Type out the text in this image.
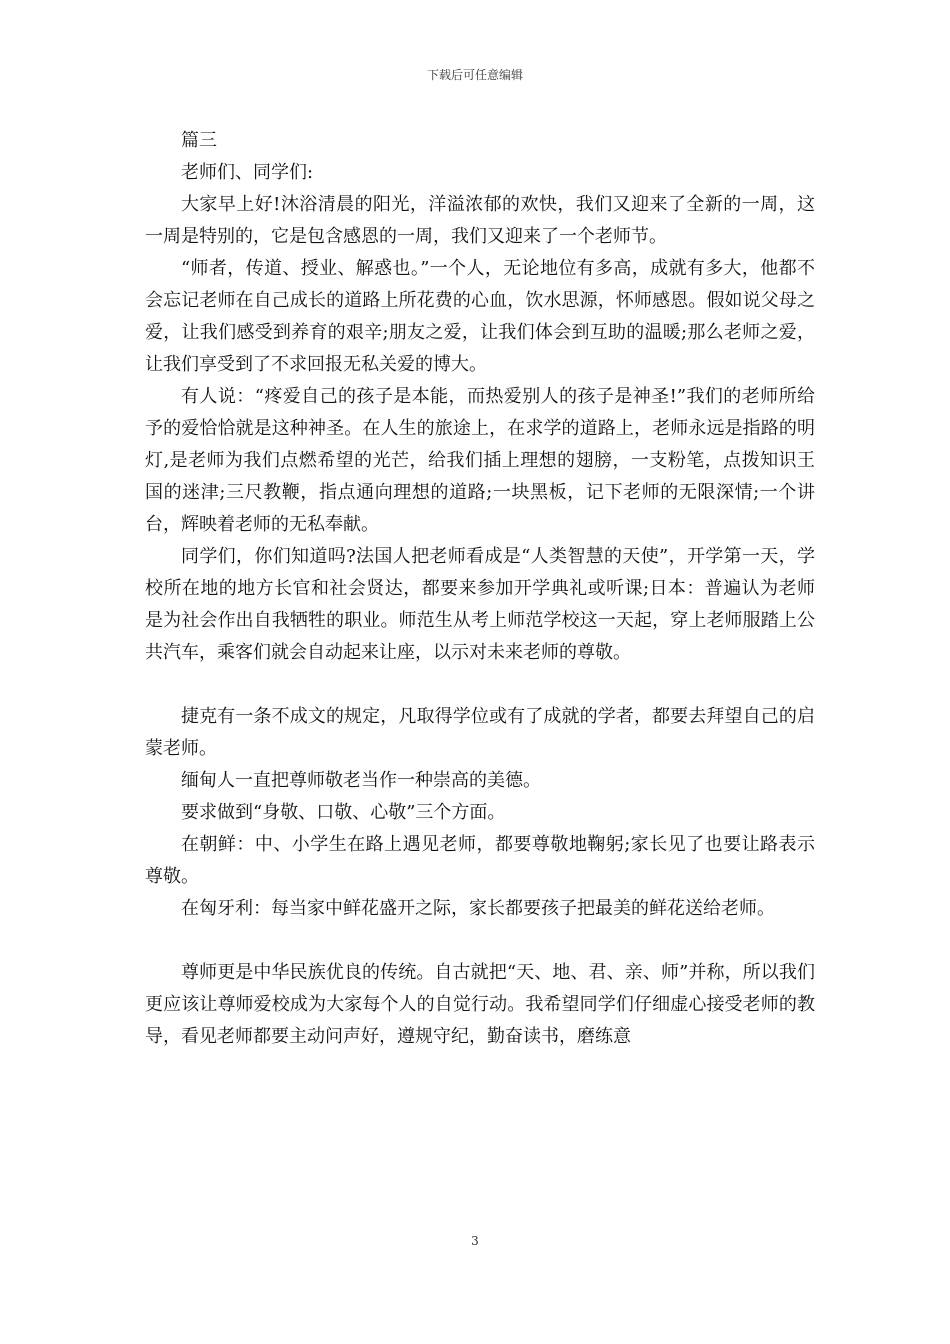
下载后可任意编辑

篇三

老师们、同学们:

大家早上好!沐浴清晨的阳光，洋溢浓郁的欢快，我们又迎来了全新的一周，这一周是特别的，它是包含感恩的一周，我们又迎来了一个老师节。

“师者，传道、授业、解惑也。”一个人，无论地位有多高，成就有多大，他都不会忘记老师在自己成长的道路上所花费的心血，饮水思源，怀师感恩。假如说父母之爱，让我们感受到养育的艰辛;朋友之爱，让我们体会到互助的温暖;那么老师之爱，让我们享受到了不求回报无私关爱的博大。

有人说：“疼爱自己的孩子是本能，而热爱别人的孩子是神圣!”我们的老师所给予的爱恰恰就是这种神圣。在人生的旅途上，在求学的道路上，老师永远是指路的明灯,是老师为我们点燃希望的光芒，给我们插上理想的翅膀，一支粉笔，点拨知识王国的迷津;三尺教鞭，指点通向理想的道路;一块黑板，记下老师的无限深情;一个讲台，辉映着老师的无私奉献。

同学们，你们知道吗?法国人把老师看成是“人类智慧的天使”，开学第一天，学校所在地的地方长官和社会贤达，都要来参加开学典礼或听课;日本：普遍认为老师是为社会作出自我牺牲的职业。师范生从考上师范学校这一天起，穿上老师服踏上公共汽车，乘客们就会自动起来让座，以示对未来老师的尊敬。

捷克有一条不成文的规定，凡取得学位或有了成就的学者，都要去拜望自己的启蒙老师。

缅甸人一直把尊师敬老当作一种崇高的美德。

要求做到“身敬、口敬、心敬”三个方面。

在朝鲜：中、小学生在路上遇见老师，都要尊敬地鞠躬;家长见了也要让路表示尊敬。

在匈牙利：每当家中鲜花盛开之际，家长都要孩子把最美的鲜花送给老师。

尊师更是中华民族优良的传统。自古就把“天、地、君、亲、师”并称，所以我们更应该让尊师爱校成为大家每个人的自觉行动。我希望同学们仔细虚心接受老师的教导，看见老师都要主动问声好，遵规守纪，勤奋读书，磨练意

3
